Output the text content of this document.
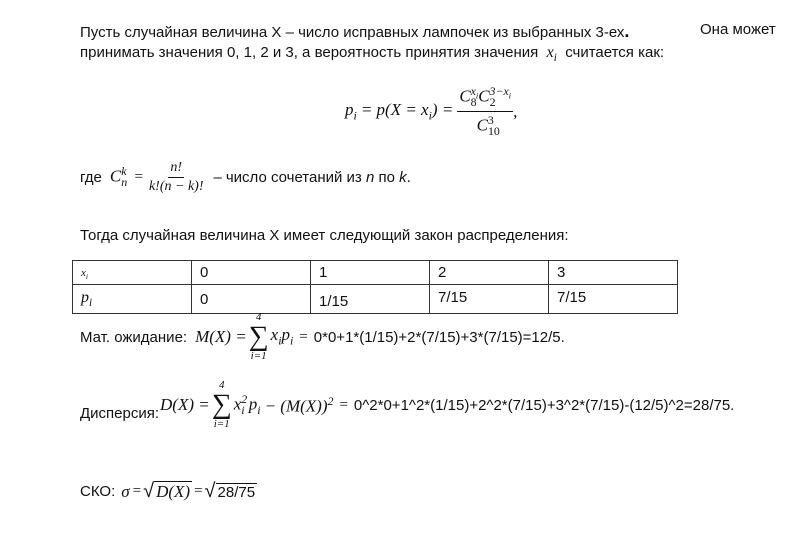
Пусть случайная величина X – число исправных лампочек из выбранных 3-ех.	Она может
принимать значения 0, 1, 2 и 3, а вероятность принятия значения $x_i$ считается как:
$p_i = p(X = x_i) = \frac{C_8^{x_i}C_2^{3-x_i}}{C_{10}^3}$ ,
где $C_n^k = \frac{n!}{k!(n - k)!}$ – число сочетаний из
n
по
k .
Тогда случайная величина X имеет следующий закон распределения:
$x_i$	0	1	2	3
$p_i$	0	1/15	7/15	7/15
Мат. ожидание: M(X) =
4
∑
i=1
$x_ip_i = 0*0+1*(1/15)+2*(7/15)+3*(7/15)=12/5$.
Дисперсия: D(X) =
4
∑
i=1
$x^2_i$ $p_i - (M(X))^2$ = 0^2*0+1^2*(1/15)+2^2*(7/15)+3^2*(7/15)-(12/5)^2=28/75.
СКО: σ = √ D(X) = √ 28/75
